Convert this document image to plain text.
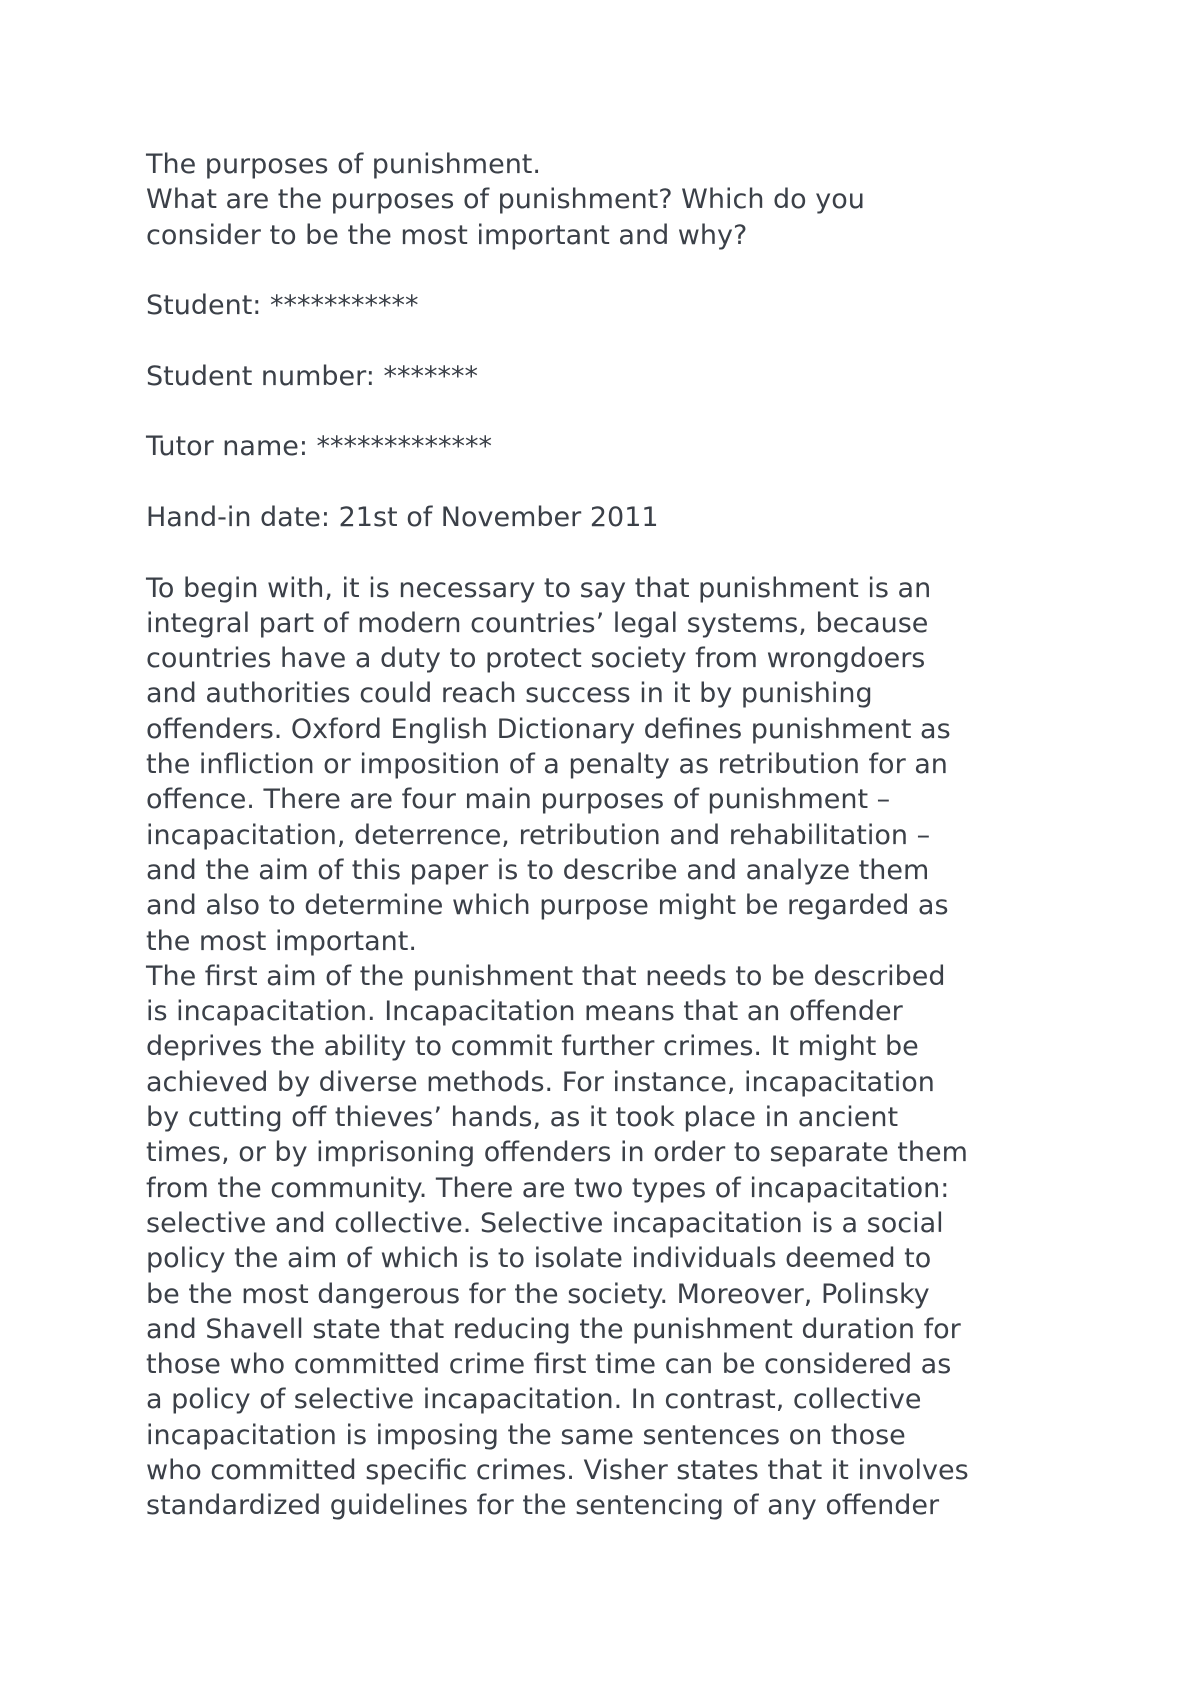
The purposes of punishment.
What are the purposes of punishment? Which do you
consider to be the most important and why?
Student: ***********
Student number: *******
Tutor name: *************
Hand-in date: 21st of November 2011
To begin with, it is necessary to say that punishment is an
integral part of modern countries’ legal systems, because
countries have a duty to protect society from wrongdoers
and authorities could reach success in it by punishing
offenders. Oxford English Dictionary defines punishment as
the infliction or imposition of a penalty as retribution for an
offence. There are four main purposes of punishment –
incapacitation, deterrence, retribution and rehabilitation –
and the aim of this paper is to describe and analyze them
and also to determine which purpose might be regarded as
the most important.
The first aim of the punishment that needs to be described
is incapacitation. Incapacitation means that an offender
deprives the ability to commit further crimes. It might be
achieved by diverse methods. For instance, incapacitation
by cutting off thieves’ hands, as it took place in ancient
times, or by imprisoning offenders in order to separate them
from the community. There are two types of incapacitation:
selective and collective. Selective incapacitation is a social
policy the aim of which is to isolate individuals deemed to
be the most dangerous for the society. Moreover, Polinsky
and Shavell state that reducing the punishment duration for
those who committed crime first time can be considered as
a policy of selective incapacitation. In contrast, collective
incapacitation is imposing the same sentences on those
who committed specific crimes. Visher states that it involves
standardized guidelines for the sentencing of any offender
